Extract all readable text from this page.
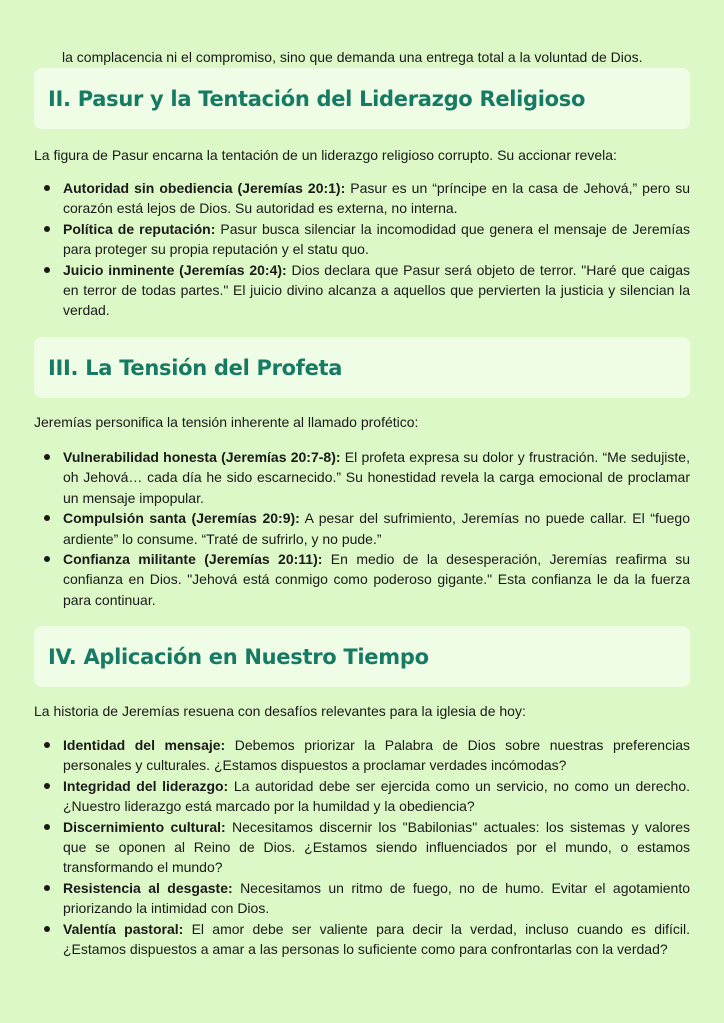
la complacencia ni el compromiso, sino que demanda una entrega total a la voluntad de Dios.

II. Pasur y la Tentación del Liderazgo Religioso

La figura de Pasur encarna la tentación de un liderazgo religioso corrupto. Su accionar revela:

Autoridad sin obediencia (Jeremías 20:1): Pasur es un “príncipe en la casa de Jehová,” pero su corazón está lejos de Dios. Su autoridad es externa, no interna.
Política de reputación: Pasur busca silenciar la incomodidad que genera el mensaje de Jeremías para proteger su propia reputación y el statu quo.
Juicio inminente (Jeremías 20:4): Dios declara que Pasur será objeto de terror. "Haré que caigas en terror de todas partes." El juicio divino alcanza a aquellos que pervierten la justicia y silencian la verdad.
III. La Tensión del Profeta

Jeremías personifica la tensión inherente al llamado profético:

Vulnerabilidad honesta (Jeremías 20:7-8): El profeta expresa su dolor y frustración. “Me sedujiste, oh Jehová… cada día he sido escarnecido.” Su honestidad revela la carga emocional de proclamar un mensaje impopular.
Compulsión santa (Jeremías 20:9): A pesar del sufrimiento, Jeremías no puede callar. El “fuego ardiente” lo consume. “Traté de sufrirlo, y no pude.”
Confianza militante (Jeremías 20:11): En medio de la desesperación, Jeremías reafirma su confianza en Dios. "Jehová está conmigo como poderoso gigante." Esta confianza le da la fuerza para continuar.
IV. Aplicación en Nuestro Tiempo

La historia de Jeremías resuena con desafíos relevantes para la iglesia de hoy:

Identidad del mensaje: Debemos priorizar la Palabra de Dios sobre nuestras preferencias personales y culturales. ¿Estamos dispuestos a proclamar verdades incómodas?
Integridad del liderazgo: La autoridad debe ser ejercida como un servicio, no como un derecho. ¿Nuestro liderazgo está marcado por la humildad y la obediencia?
Discernimiento cultural: Necesitamos discernir los "Babilonias" actuales: los sistemas y valores que se oponen al Reino de Dios. ¿Estamos siendo influenciados por el mundo, o estamos transformando el mundo?
Resistencia al desgaste: Necesitamos un ritmo de fuego, no de humo. Evitar el agotamiento priorizando la intimidad con Dios.
Valentía pastoral: El amor debe ser valiente para decir la verdad, incluso cuando es difícil. ¿Estamos dispuestos a amar a las personas lo suficiente como para confrontarlas con la verdad?
